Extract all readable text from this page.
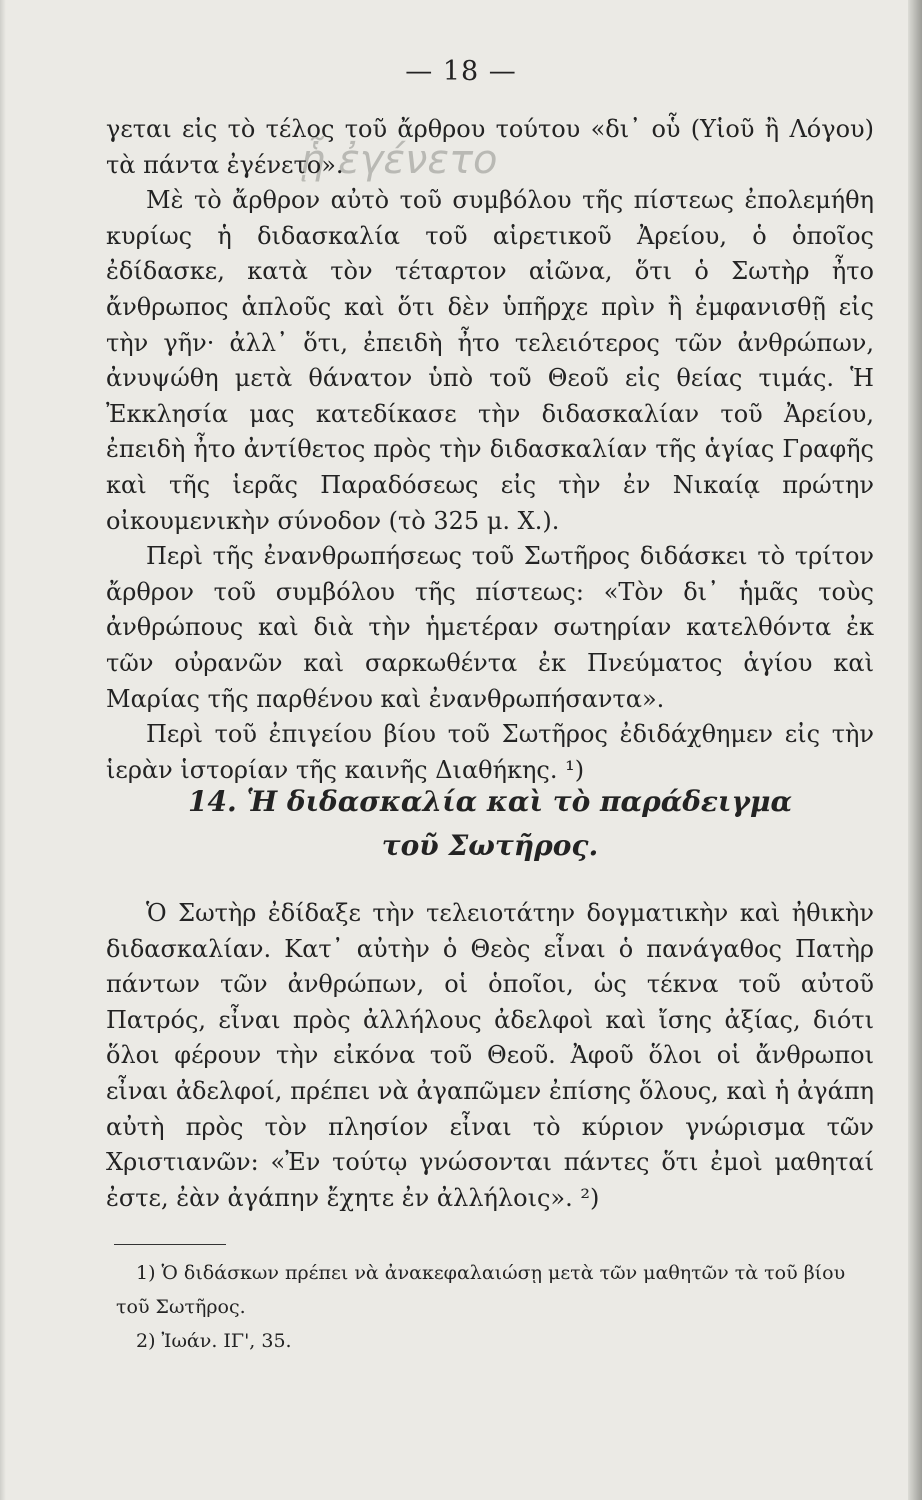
— 18 —
ᾗ ἐγένετο

γεται εἰς τὸ τέλος τοῦ ἄρθρου τούτου «δι᾿ οὗ (Υἱοῦ ἢ Λόγου) τὰ πάντα ἐγένετο».

Μὲ τὸ ἄρθρον αὐτὸ τοῦ συμβόλου τῆς πίστεως ἐπολεμήθη κυρίως ἡ διδασκαλία τοῦ αἱρετικοῦ Ἀρείου, ὁ ὁποῖος ἐδίδασκε, κατὰ τὸν τέταρτον αἰῶνα, ὅτι ὁ Σωτὴρ ἦτο ἄνθρωπος ἁπλοῦς καὶ ὅτι δὲν ὑπῆρχε πρὶν ἢ ἐμφανισθῇ εἰς τὴν γῆν· ἀλλ᾿ ὅτι, ἐπειδὴ ἦτο τελειότερος τῶν ἀνθρώπων, ἀνυψώθη μετὰ θάνατον ὑπὸ τοῦ Θεοῦ εἰς θείας τιμάς. Ἡ Ἐκκλησία μας κατεδίκασε τὴν διδασκαλίαν τοῦ Ἀρείου, ἐπειδὴ ἦτο ἀντίθετος πρὸς τὴν διδασκαλίαν τῆς ἁγίας Γραφῆς καὶ τῆς ἱερᾶς Παραδόσεως εἰς τὴν ἐν Νικαίᾳ πρώτην οἰκουμενικὴν σύνοδον (τὸ 325 μ. Χ.).

Περὶ τῆς ἐνανθρωπήσεως τοῦ Σωτῆρος διδάσκει τὸ τρίτον ἄρθρον τοῦ συμβόλου τῆς πίστεως: «Τὸν δι᾿ ἡμᾶς τοὺς ἀνθρώπους καὶ διὰ τὴν ἡμετέραν σωτηρίαν κατελθόντα ἐκ τῶν οὐρανῶν καὶ σαρκωθέντα ἐκ Πνεύματος ἁγίου καὶ Μαρίας τῆς παρθένου καὶ ἐνανθρωπήσαντα».

Περὶ τοῦ ἐπιγείου βίου τοῦ Σωτῆρος ἐδιδάχθημεν εἰς τὴν ἱερὰν ἱστορίαν τῆς καινῆς Διαθήκης. ¹)

14. Ἡ διδασκαλία καὶ τὸ παράδειγμα
τοῦ Σωτῆρος.

Ὁ Σωτὴρ ἐδίδαξε τὴν τελειοτάτην δογματικὴν καὶ ἠθικὴν διδασκαλίαν. Κατ᾿ αὐτὴν ὁ Θεὸς εἶναι ὁ πανάγαθος Πατὴρ πάντων τῶν ἀνθρώπων, οἱ ὁποῖοι, ὡς τέκνα τοῦ αὐτοῦ Πατρός, εἶναι πρὸς ἀλλήλους ἀδελφοὶ καὶ ἴσης ἀξίας, διότι ὅλοι φέρουν τὴν εἰκόνα τοῦ Θεοῦ. Ἀφοῦ ὅλοι οἱ ἄνθρωποι εἶναι ἀδελφοί, πρέπει νὰ ἀγαπῶμεν ἐπίσης ὅλους, καὶ ἡ ἀγάπη αὐτὴ πρὸς τὸν πλησίον εἶναι τὸ κύριον γνώρισμα τῶν Χριστιανῶν: «Ἐν τούτῳ γνώσονται πάντες ὅτι ἐμοὶ μαθηταί ἐστε, ἐὰν ἀγάπην ἔχητε ἐν ἀλλήλοις». ²)

1) Ὁ διδάσκων πρέπει νὰ ἀνακεφαλαιώσῃ μετὰ τῶν μαθητῶν τὰ τοῦ βίου τοῦ Σωτῆρος.

2) Ἰωάν. ΙΓ', 35.
